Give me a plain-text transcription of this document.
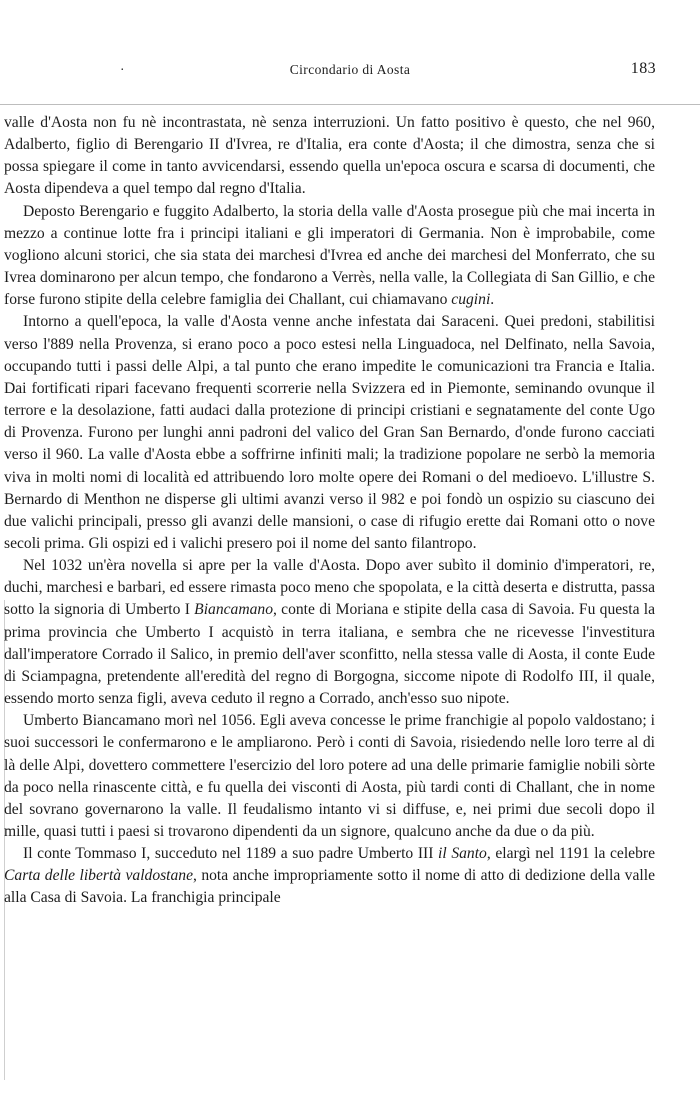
·	Circondario di Aosta	183

valle d'Aosta non fu nè incontrastata, nè senza interruzioni. Un fatto positivo è questo, che nel 960, Adalberto, figlio di Berengario II d'Ivrea, re d'Italia, era conte d'Aosta; il che dimostra, senza che si possa spiegare il come in tanto avvicendarsi, essendo quella un'epoca oscura e scarsa di documenti, che Aosta dipendeva a quel tempo dal regno d'Italia.

Deposto Berengario e fuggito Adalberto, la storia della valle d'Aosta prosegue più che mai incerta in mezzo a continue lotte fra i principi italiani e gli imperatori di Germania. Non è improbabile, come vogliono alcuni storici, che sia stata dei marchesi d'Ivrea ed anche dei marchesi del Monferrato, che su Ivrea dominarono per alcun tempo, che fondarono a Verrès, nella valle, la Collegiata di San Gillio, e che forse furono stipite della celebre famiglia dei Challant, cui chiamavano cugini.

Intorno a quell'epoca, la valle d'Aosta venne anche infestata dai Saraceni. Quei predoni, stabilitisi verso l'889 nella Provenza, si erano poco a poco estesi nella Linguadoca, nel Delfinato, nella Savoia, occupando tutti i passi delle Alpi, a tal punto che erano impedite le comunicazioni tra Francia e Italia. Dai fortificati ripari facevano frequenti scorrerie nella Svizzera ed in Piemonte, seminando ovunque il terrore e la desolazione, fatti audaci dalla protezione di principi cristiani e segnatamente del conte Ugo di Provenza. Furono per lunghi anni padroni del valico del Gran San Bernardo, d'onde furono cacciati verso il 960. La valle d'Aosta ebbe a soffrirne infiniti mali; la tradizione popolare ne serbò la memoria viva in molti nomi di località ed attribuendo loro molte opere dei Romani o del medioevo. L'illustre S. Bernardo di Menthon ne disperse gli ultimi avanzi verso il 982 e poi fondò un ospizio su ciascuno dei due valichi principali, presso gli avanzi delle mansioni, o case di rifugio erette dai Romani otto o nove secoli prima. Gli ospizi ed i valichi presero poi il nome del santo filantropo.

Nel 1032 un'èra novella si apre per la valle d'Aosta. Dopo aver subìto il dominio d'imperatori, re, duchi, marchesi e barbari, ed essere rimasta poco meno che spopolata, e la città deserta e distrutta, passa sotto la signoria di Umberto I Biancamano, conte di Moriana e stipite della casa di Savoia. Fu questa la prima provincia che Umberto I acquistò in terra italiana, e sembra che ne ricevesse l'investitura dall'imperatore Corrado il Salico, in premio dell'aver sconfitto, nella stessa valle di Aosta, il conte Eude di Sciampagna, pretendente all'eredità del regno di Borgogna, siccome nipote di Rodolfo III, il quale, essendo morto senza figli, aveva ceduto il regno a Corrado, anch'esso suo nipote.

Umberto Biancamano morì nel 1056. Egli aveva concesse le prime franchigie al popolo valdostano; i suoi successori le confermarono e le ampliarono. Però i conti di Savoia, risiedendo nelle loro terre al di là delle Alpi, dovettero commettere l'esercizio del loro potere ad una delle primarie famiglie nobili sòrte da poco nella rinascente città, e fu quella dei visconti di Aosta, più tardi conti di Challant, che in nome del sovrano governarono la valle. Il feudalismo intanto vi si diffuse, e, nei primi due secoli dopo il mille, quasi tutti i paesi si trovarono dipendenti da un signore, qualcuno anche da due o da più.

Il conte Tommaso I, succeduto nel 1189 a suo padre Umberto III il Santo, elargì nel 1191 la celebre Carta delle libertà valdostane, nota anche impropriamente sotto il nome di atto di dedizione della valle alla Casa di Savoia. La franchigia principale
